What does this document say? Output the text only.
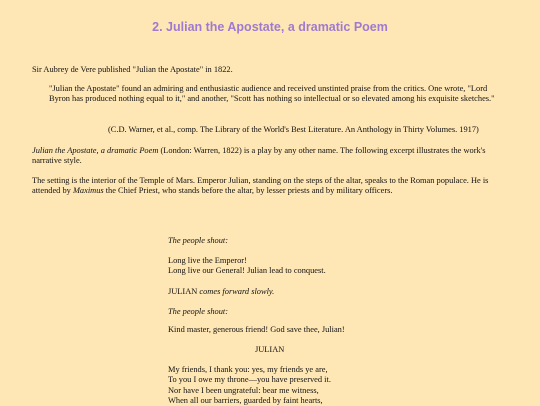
2. Julian the Apostate, a dramatic Poem

Sir Aubrey de Vere published "Julian the Apostate" in 1822.

"Julian the Apostate" found an admiring and enthusiastic audience and received unstinted praise from the critics. One wrote, "Lord Byron has produced nothing equal to it," and another, "Scott has nothing so intellectual or so elevated among his exquisite sketches."

(C.D. Warner, et al., comp. The Library of the World's Best Literature. An Anthology in Thirty Volumes. 1917)

Julian the Apostate, a dramatic Poem (London: Warren, 1822) is a play by any other name. The following excerpt illustrates the work's narrative style.

The setting is the interior of the Temple of Mars. Emperor Julian, standing on the steps of the altar, speaks to the Roman populace. He is attended by Maximus the Chief Priest, who stands before the altar, by lesser priests and by military officers.

The people shout:

Long live the Emperor!
Long live our General! Julian lead to conquest.

JULIAN comes forward slowly.

The people shout:

Kind master, generous friend! God save thee, Julian!

JULIAN

My friends, I thank you: yes, my friends ye are,
To you I owe my throne—you have preserved it.
Nor have I been ungrateful: bear me witness,
When all our barriers, guarded by faint hearts,
